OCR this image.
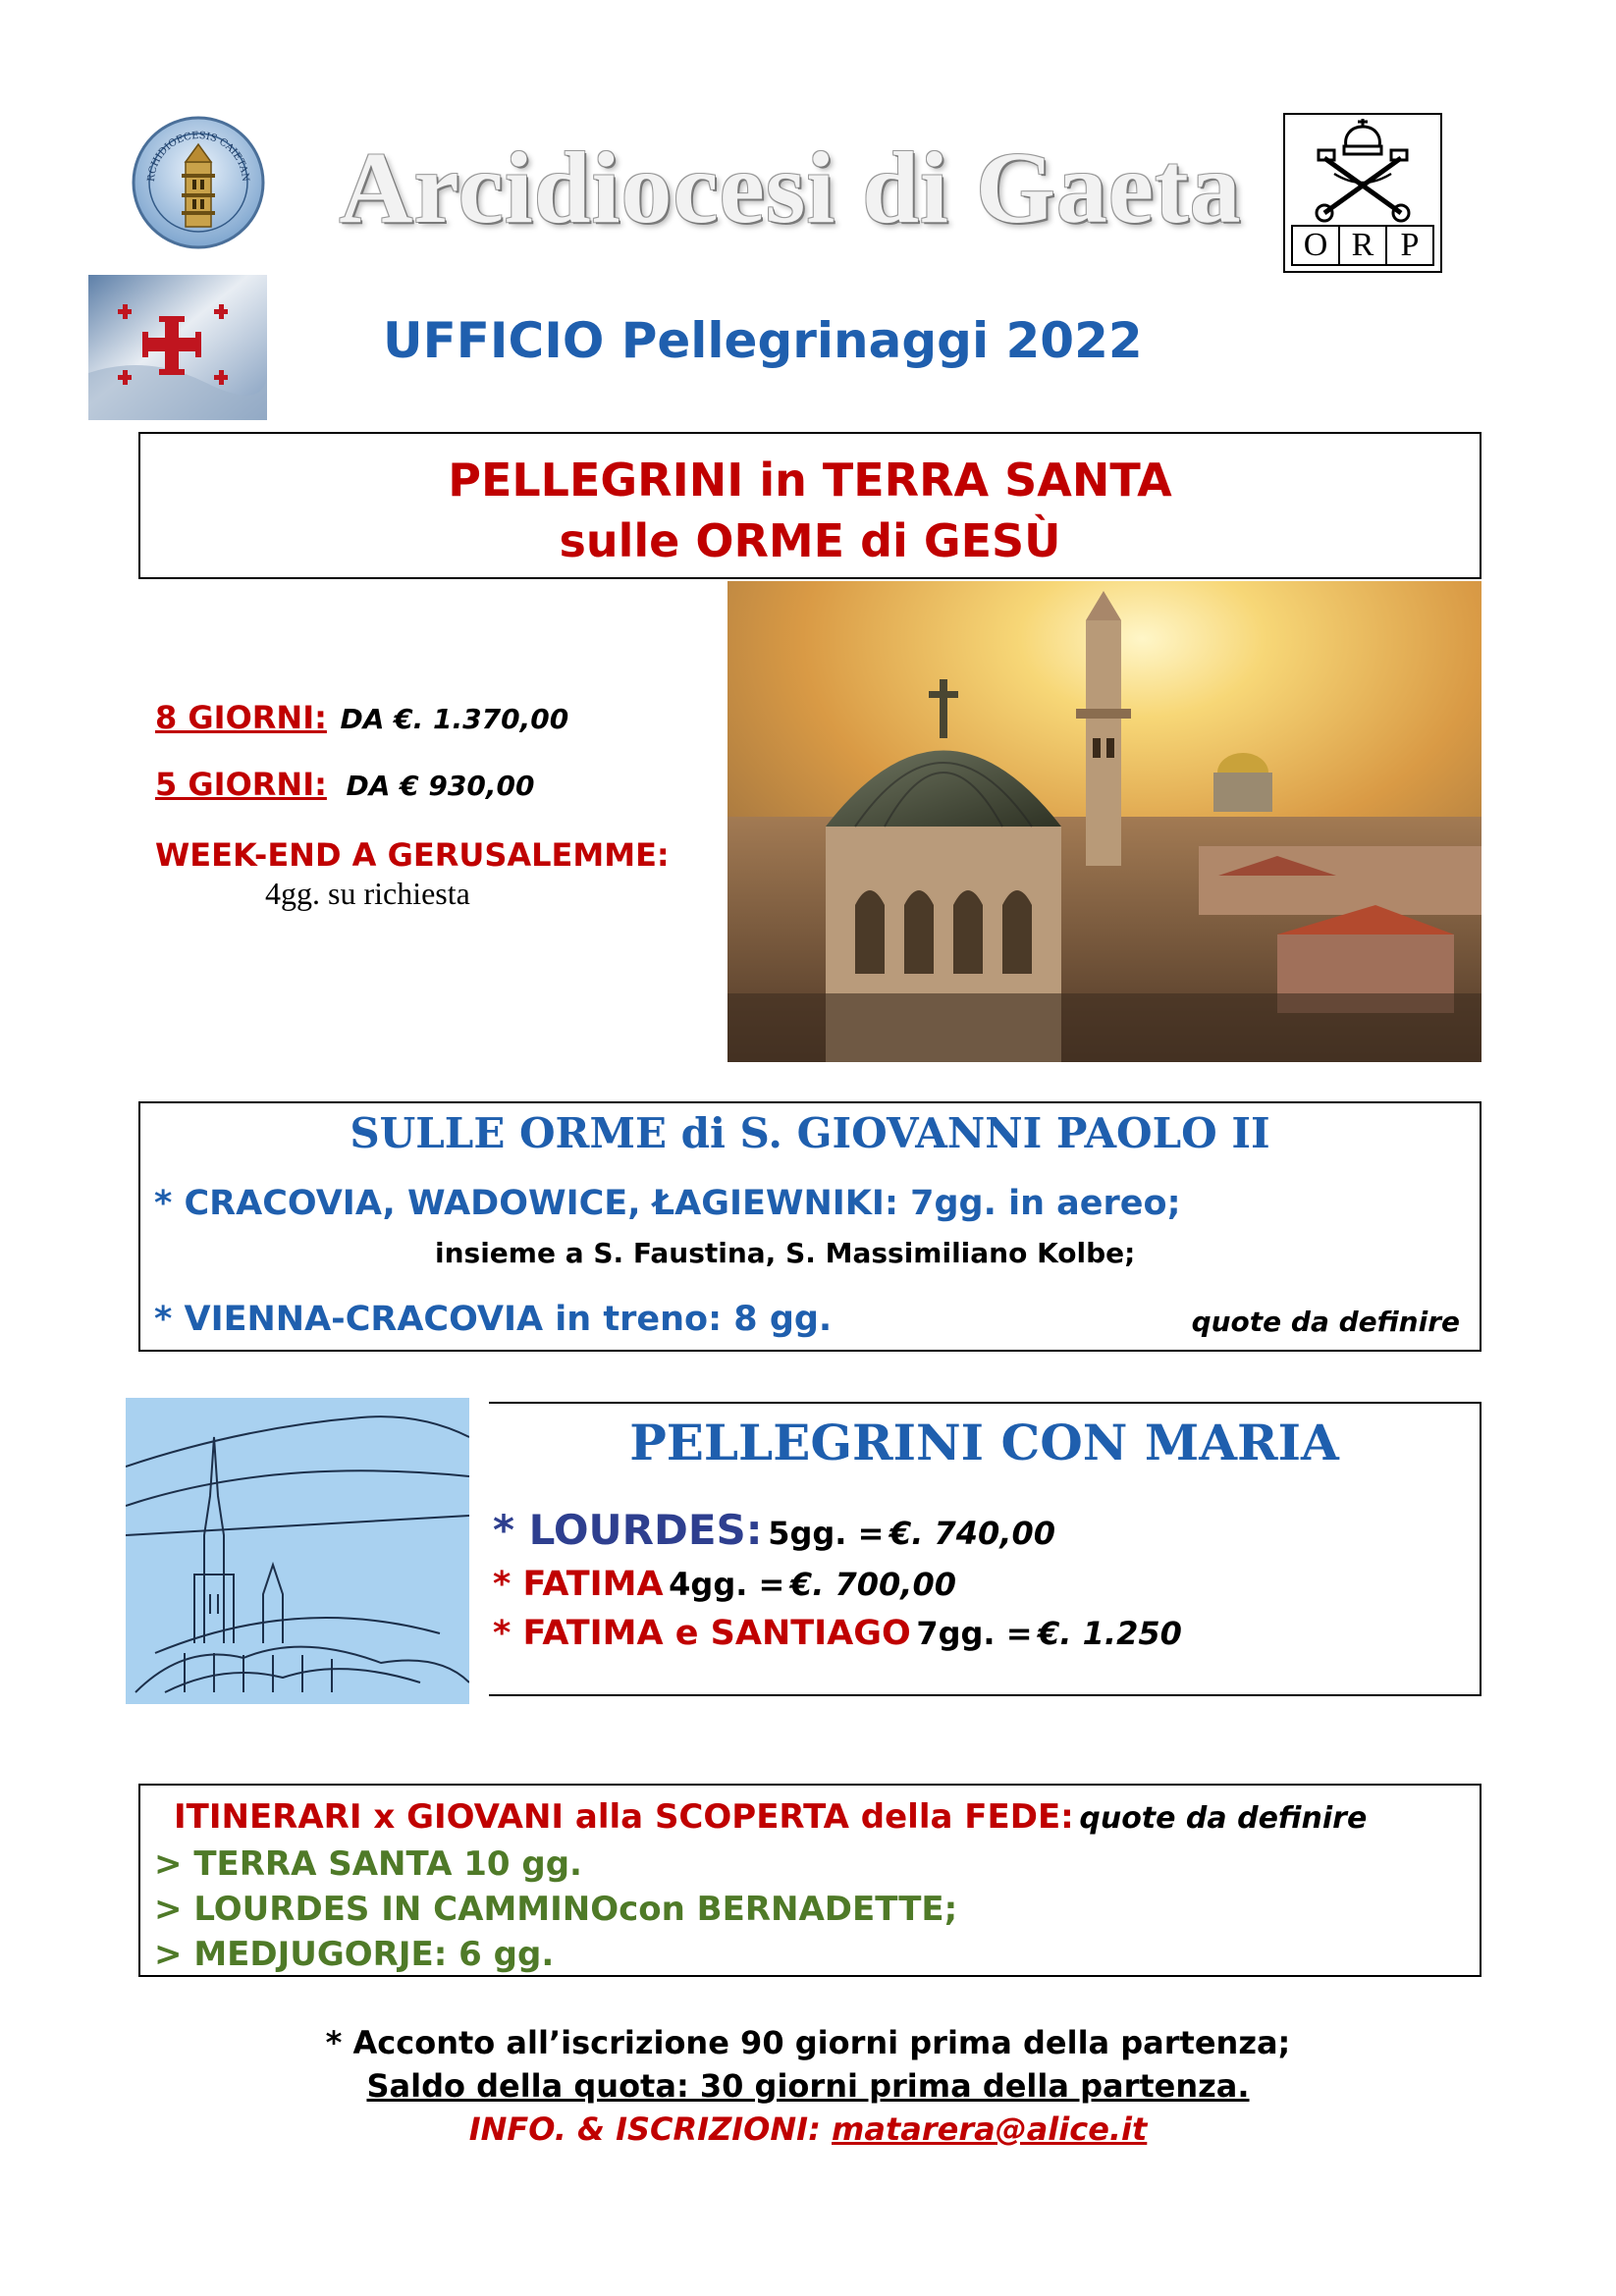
RCHIDIOECESIS CAIETAN Arcidiocesi di Gaeta
O R P
UFFICIO Pellegrinaggi 2022
PELLEGRINI in TERRA SANTA
sulle ORME di GESÙ
8 GIORNI: DA €. 1.370,00
5 GIORNI: DA € 930,00
WEEK-END A GERUSALEMME:
4gg. su richiesta
SULLE ORME di S. GIOVANNI PAOLO II
* CRACOVIA, WADOWICE, ŁAGIEWNIKI: 7gg. in aereo;
insieme a S. Faustina, S. Massimiliano Kolbe;
* VIENNA-CRACOVIA in treno: 8 gg.	quote da definire
PELLEGRINI CON MARIA
* LOURDES: 5gg. = €. 740,00
* FATIMA 4gg. = €. 700,00
* FATIMA e SANTIAGO 7gg. = €. 1.250
ITINERARI x GIOVANI alla SCOPERTA della FEDE: quote da definire
> TERRA SANTA 10 gg.
> LOURDES IN CAMMINOcon BERNADETTE;
> MEDJUGORJE: 6 gg.
* Acconto all’iscrizione 90 giorni prima della partenza;
Saldo della quota: 30 giorni prima della partenza.
INFO. & ISCRIZIONI: matarera@alice.it
